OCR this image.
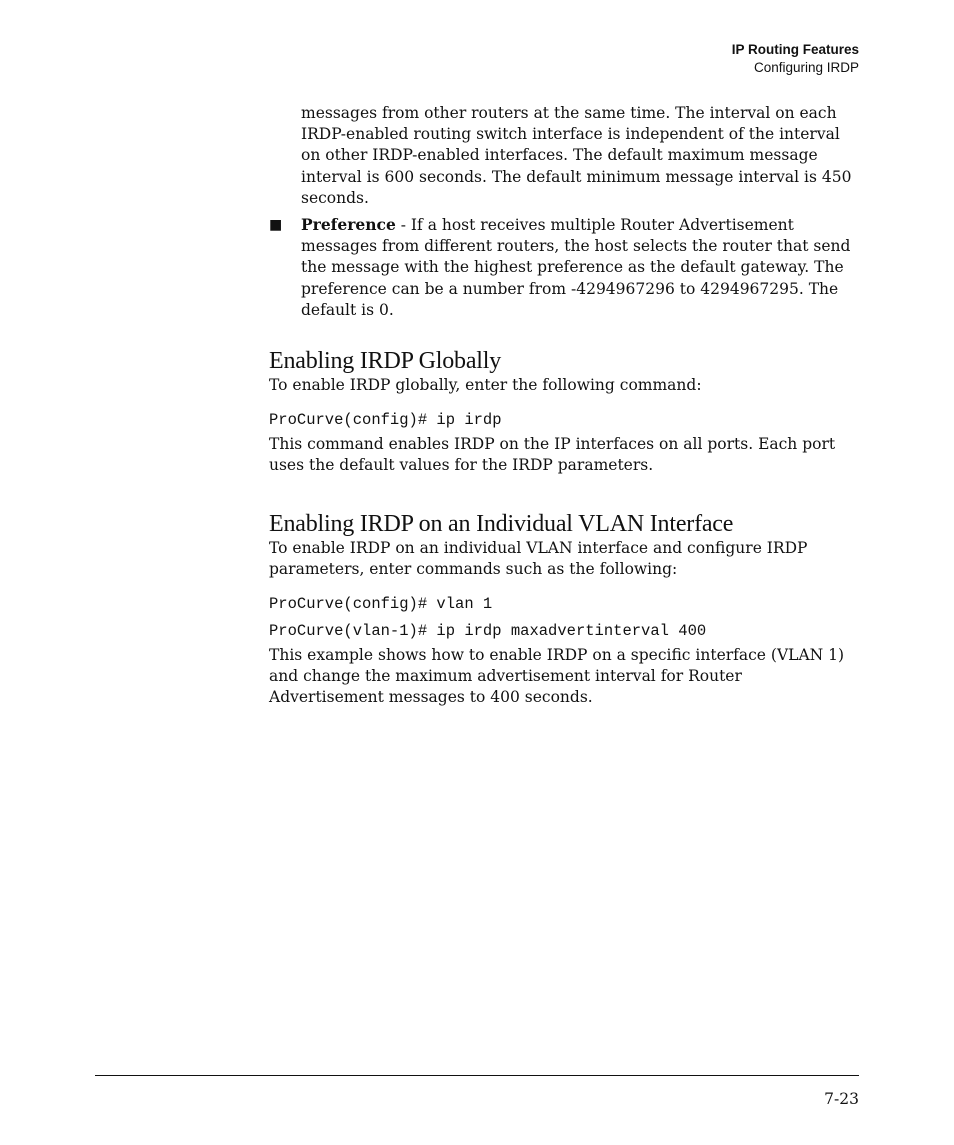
IP Routing Features
Configuring IRDP

messages from other routers at the same time. The interval on each IRDP-enabled routing switch interface is independent of the interval on other IRDP-enabled interfaces. The default maximum message interval is 600 seconds. The default minimum message interval is 450 seconds.

■ Preference - If a host receives multiple Router Advertisement messages from different routers, the host selects the router that send the message with the highest preference as the default gateway. The preference can be a number from -4294967296 to 4294967295. The default is 0.

Enabling IRDP Globally

To enable IRDP globally, enter the following command:

ProCurve(config)# ip irdp

This command enables IRDP on the IP interfaces on all ports. Each port uses the default values for the IRDP parameters.

Enabling IRDP on an Individual VLAN Interface

To enable IRDP on an individual VLAN interface and configure IRDP parameters, enter commands such as the following:

ProCurve(config)# vlan 1
ProCurve(vlan-1)# ip irdp maxadvertinterval 400

This example shows how to enable IRDP on a specific interface (VLAN 1) and change the maximum advertisement interval for Router Advertisement messages to 400 seconds.

7-23
